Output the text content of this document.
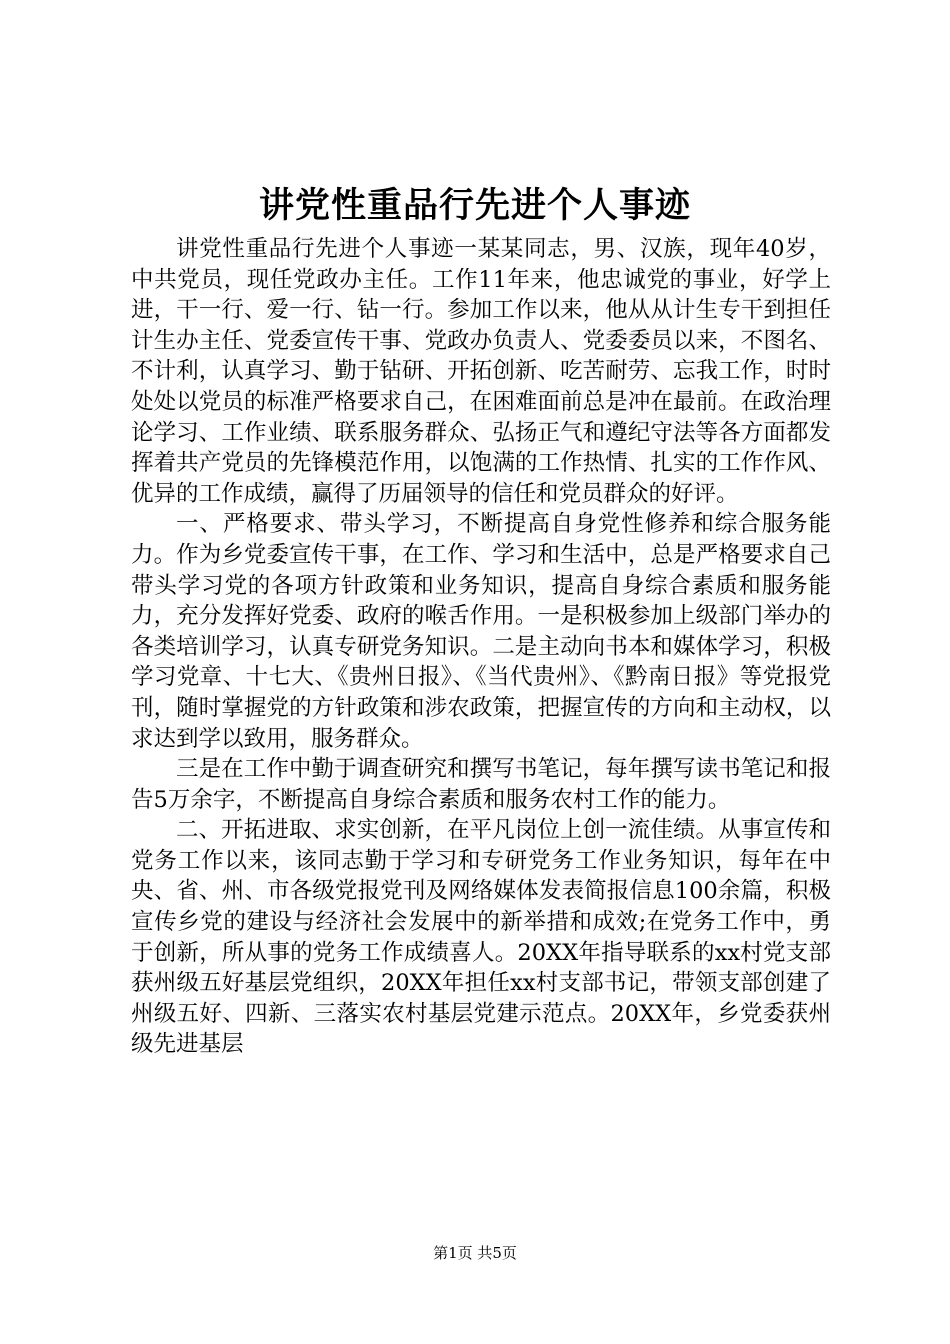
讲党性重品行先进个人事迹

讲党性重品行先进个人事迹一某某同志，男、汉族，现年40岁，中共党员，现任党政办主任。工作11年来，他忠诚党的事业，好学上进，干一行、爱一行、钻一行。参加工作以来，他从从计生专干到担任计生办主任、党委宣传干事、党政办负责人、党委委员以来，不图名、不计利，认真学习、勤于钻研、开拓创新、吃苦耐劳、忘我工作，时时处处以党员的标准严格要求自己，在困难面前总是冲在最前。在政治理论学习、工作业绩、联系服务群众、弘扬正气和遵纪守法等各方面都发挥着共产党员的先锋模范作用，以饱满的工作热情、扎实的工作作风、优异的工作成绩，赢得了历届领导的信任和党员群众的好评。

一、严格要求、带头学习，不断提高自身党性修养和综合服务能力。作为乡党委宣传干事，在工作、学习和生活中，总是严格要求自己带头学习党的各项方针政策和业务知识，提高自身综合素质和服务能力，充分发挥好党委、政府的喉舌作用。一是积极参加上级部门举办的各类培训学习，认真专研党务知识。二是主动向书本和媒体学习，积极学习党章、十七大、《贵州日报》、《当代贵州》、《黔南日报》等党报党刊，随时掌握党的方针政策和涉农政策，把握宣传的方向和主动权，以求达到学以致用，服务群众。

三是在工作中勤于调查研究和撰写书笔记，每年撰写读书笔记和报告5万余字，不断提高自身综合素质和服务农村工作的能力。

二、开拓进取、求实创新，在平凡岗位上创一流佳绩。从事宣传和党务工作以来，该同志勤于学习和专研党务工作业务知识，每年在中央、省、州、市各级党报党刊及网络媒体发表简报信息100余篇，积极宣传乡党的建设与经济社会发展中的新举措和成效;在党务工作中，勇于创新，所从事的党务工作成绩喜人。20XX年指导联系的xx村党支部获州级五好基层党组织，20XX年担任xx村支部书记，带领支部创建了州级五好、四新、三落实农村基层党建示范点。20XX年，乡党委获州级先进基层

第1页 共5页
